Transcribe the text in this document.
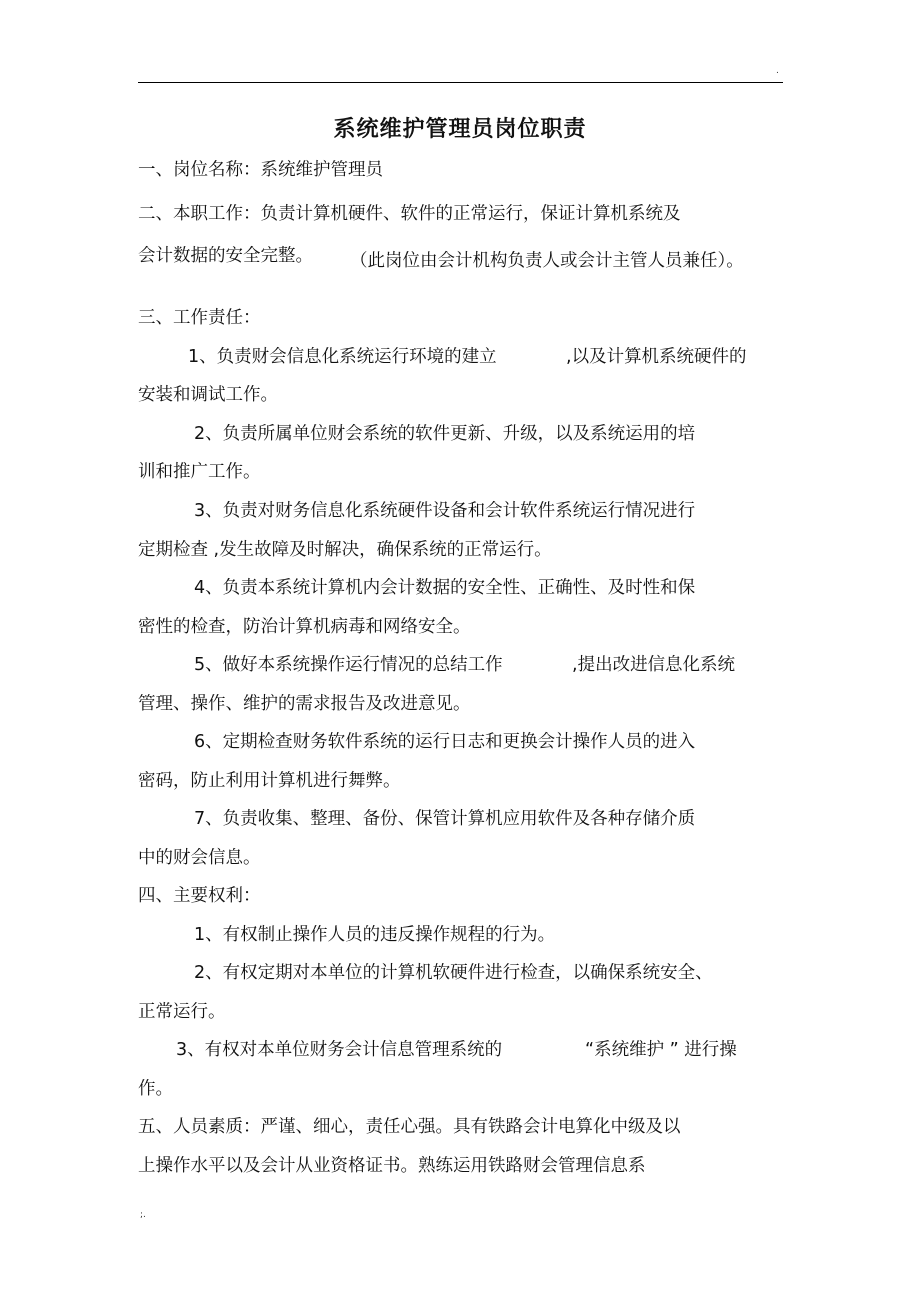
.
系统维护管理员岗位职责
一、岗位名称：系统维护管理员
二、本职工作：负责计算机硬件、软件的正常运行，保证计算机系统及
会计数据的安全完整。 （此岗位由会计机构负责人或会计主管人员兼任）。
三、工作责任：
1、负责财会信息化系统运行环境的建立	,以及计算机系统硬件的
安装和调试工作。
2、负责所属单位财会系统的软件更新、升级，以及系统运用的培
训和推广工作。
3、负责对财务信息化系统硬件设备和会计软件系统运行情况进行
定期检查 ,发生故障及时解决，确保系统的正常运行。
4、负责本系统计算机内会计数据的安全性、正确性、及时性和保
密性的检查，防治计算机病毒和网络安全。
5、做好本系统操作运行情况的总结工作	,提出改进信息化系统
管理、操作、维护的需求报告及改进意见。
6、定期检查财务软件系统的运行日志和更换会计操作人员的进入
密码，防止利用计算机进行舞弊。
7、负责收集、整理、备份、保管计算机应用软件及各种存储介质
中的财会信息。
四、主要权利：
1、有权制止操作人员的违反操作规程的行为。
2、有权定期对本单位的计算机软硬件进行检查，以确保系统安全、
正常运行。
3、有权对本单位财务会计信息管理系统的	“系统维护 ” 进行操
作。
五、人员素质：严谨、细心，责任心强。具有铁路会计电算化中级及以
上操作水平以及会计从业资格证书。熟练运用铁路财会管理信息系
;.
